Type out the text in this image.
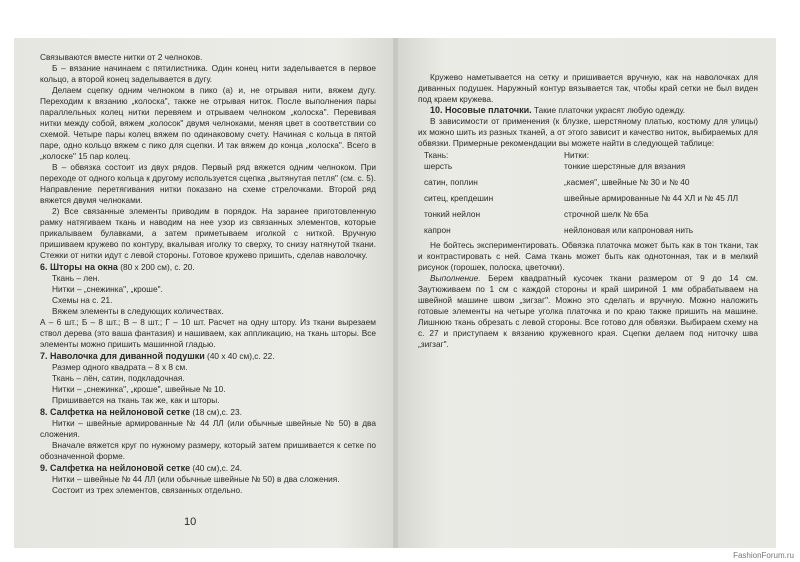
Связываются вместе нитки от 2 челноков.

Б – вязание начинаем с пятилистника. Один конец нити заделывается в первое кольцо, а второй конец заделывается в дугу.

Делаем сцепку одним челноком в пико (а) и, не отрывая нити, вяжем дугу. Переходим к вязанию „колоска", также не отрывая ниток. После выполнения пары параллельных колец нитки перевяем и отрываем челноком „колоска". Перевивая нитки между собой, вяжем „колосок" двумя челноками, меняя цвет в соответствии со схемой. Четыре пары колец вяжем по одинаковому счету. Начиная с кольца в пятой паре, одно кольцо вяжем с пико для сцепки. И так вяжем до конца „колоска". Всего в „колоске" 15 пар колец.

В – обвязка состоит из двух рядов. Первый ряд вяжется одним челноком. При переходе от одного кольца к другому используется сцепка „вытянутая петля" (см. с. 5). Направление перетягивания нитки показано на схеме стрелочками. Второй ряд вяжется двумя челноками.

2) Все связанные элементы приводим в порядок. На заранее приготовленную рамку натягиваем ткань и наводим на нее узор из связанных элементов, которые прикалываем булавками, а затем приметываем иголкой с ниткой. Вручную пришиваем кружево по контуру, вкалывая иголку то сверху, то снизу натянутой ткани. Стежки от нитки идут с левой стороны. Готовое кружево пришить, сделав наволочку.

6. Шторы на окна (80 x 200 см), с. 20.

Ткань – лен.

Нитки – „снежинка", „крошe".

Схемы на с. 21.

Вяжем элементы в следующих количествах.

А – 6 шт.; Б – 8 шт.; В – 8 шт.; Г – 10 шт. Расчет на одну штору. Из ткани вырезаем ствол дерева (это ваша фантазия) и нашиваем, как аппликацию, на ткань шторы. Все элементы можно пришить машинной гладью.

7. Наволочка для диванной подушки (40 x 40 см),с. 22.

Размер одного квадрата – 8 x 8 см.

Ткань – лён, сатин, подкладочная.

Нитки – „снежинка", „крошe", швейные № 10.

Пришивается на ткань так же, как и шторы.

8. Салфетка на нейлоновой сетке (18 см),с. 23.

Нитки – швейные армированные № 44 ЛЛ (или обычные швейные № 50) в два сложения.

Вначале вяжется круг по нужному размеру, который затем пришивается к сетке по обозначенной форме.

9. Салфетка на нейлоновой сетке (40 см),с. 24.

Нитки – швейные № 44 ЛЛ (или обычные швейные № 50) в два сложения.

Состоит из трех элементов, связанных отдельно.

10

Кружево наметывается на сетку и пришивается вручную, как на наволочках для диванных подушек. Наружный контур вязывается так, чтобы край сетки не был виден под краем кружева.

10. Носовые платочки. Такие платочки украсят любую одежду.

В зависимости от применения (к блузке, шерстяному платью, костюму для улицы) их можно шить из разных тканей, а от этого зависит и качество ниток, выбираемых для обвязки. Примерные рекомендации вы можете найти в следующей таблице:

Ткань:	Нитки:
шерсть	тонкие шерстяные для вязания
сатин, поплин	„касмея", швейные № 30 и № 40
ситец, крепдешин	швейные армированные № 44 ХЛ и № 45 ЛЛ
тонкий нейлон	строчной шелк № 65а
капрон	нейлоновая или капроновая нить

Не бойтесь экспериментировать. Обвязка платочка может быть как в тон ткани, так и контрастировать с ней. Сама ткань может быть как однотонная, так и в мелкий рисунок (горошек, полоска, цветочки).

Выполнение. Берем квадратный кусочек ткани размером от 9 до 14 см. Заутюживаем по 1 см с каждой стороны и край шириной 1 мм обрабатываем на швейной машине швом „зигзаг". Можно это сделать и вручную. Можно наложить готовые элементы на четыре уголка платочка и по краю также пришить на машине. Лишнюю ткань обрезать с левой стороны. Все готово для обвязки. Выбираем схему на с. 27 и приступаем к вязанию кружевного края. Сцепки делаем под ниточку шва „зигзаг".

FashionForum.ru
